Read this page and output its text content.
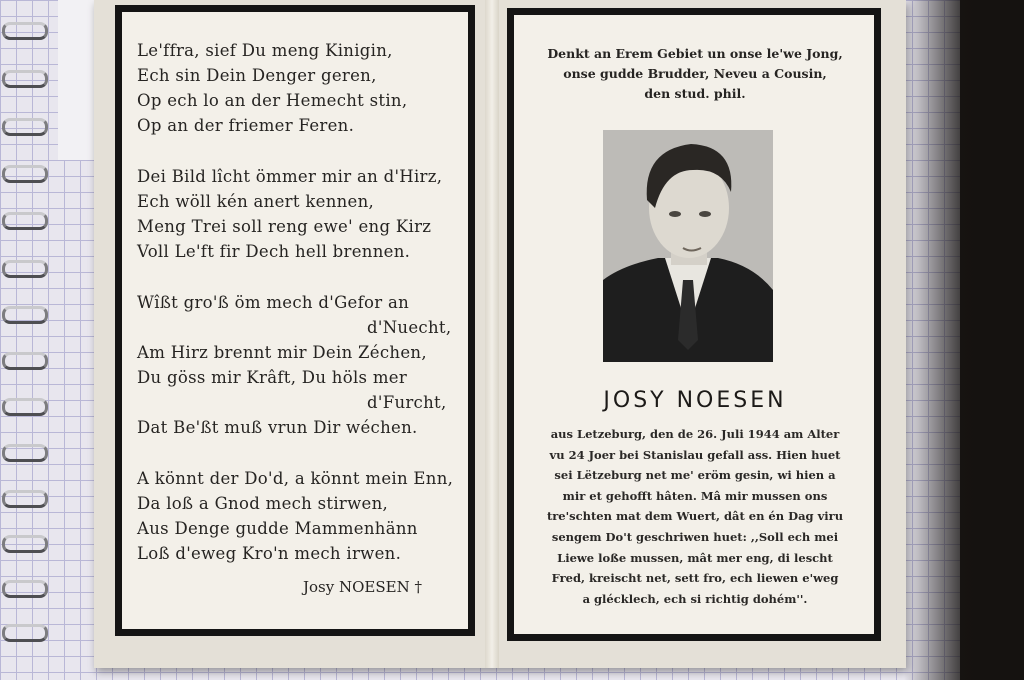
Le'ffra, sief Du meng Kinigin,
Ech sin Dein Denger geren,
Op ech lo an der Hemecht stin,
Op an der friemer Feren.
Dei Bild lîcht ömmer mir an d'Hirz,
Ech wöll kén anert kennen,
Meng Trei soll reng ewe' eng Kirz
Voll Le'ft fir Dech hell brennen.
Wîßt gro'ß öm mech d'Gefor an
d'Nuecht,
Am Hirz brennt mir Dein Zéchen,
Du göss mir Krâft, Du höls mer
d'Furcht,
Dat Be'ßt muß vrun Dir wéchen.
A könnt der Do'd, a könnt mein Enn,
Da loß a Gnod mech stirwen,
Aus Denge gudde Mammenhänn
Loß d'eweg Kro'n mech irwen.
Josy NOESEN †
Denkt an Erem Gebiet un onse le'we Jong,
onse gudde Brudder, Neveu a Cousin,
den stud. phil.
JOSY NOESEN
aus Letzeburg, den de 26. Juli 1944 am Alter
vu 24 Joer bei Stanislau gefall ass. Hien huet
sei Lëtzeburg net me' eröm gesin, wi hien a
mir et gehofft hâten. Mâ mir mussen ons
tre'schten mat dem Wuert, dât en én Dag viru
sengem Do't geschriwen huet: ,,Soll ech mei
Liewe loße mussen, mât mer eng, di lescht
Fred, kreischt net, sett fro, ech liewen e'weg
a glécklech, ech si richtig dohém''.
